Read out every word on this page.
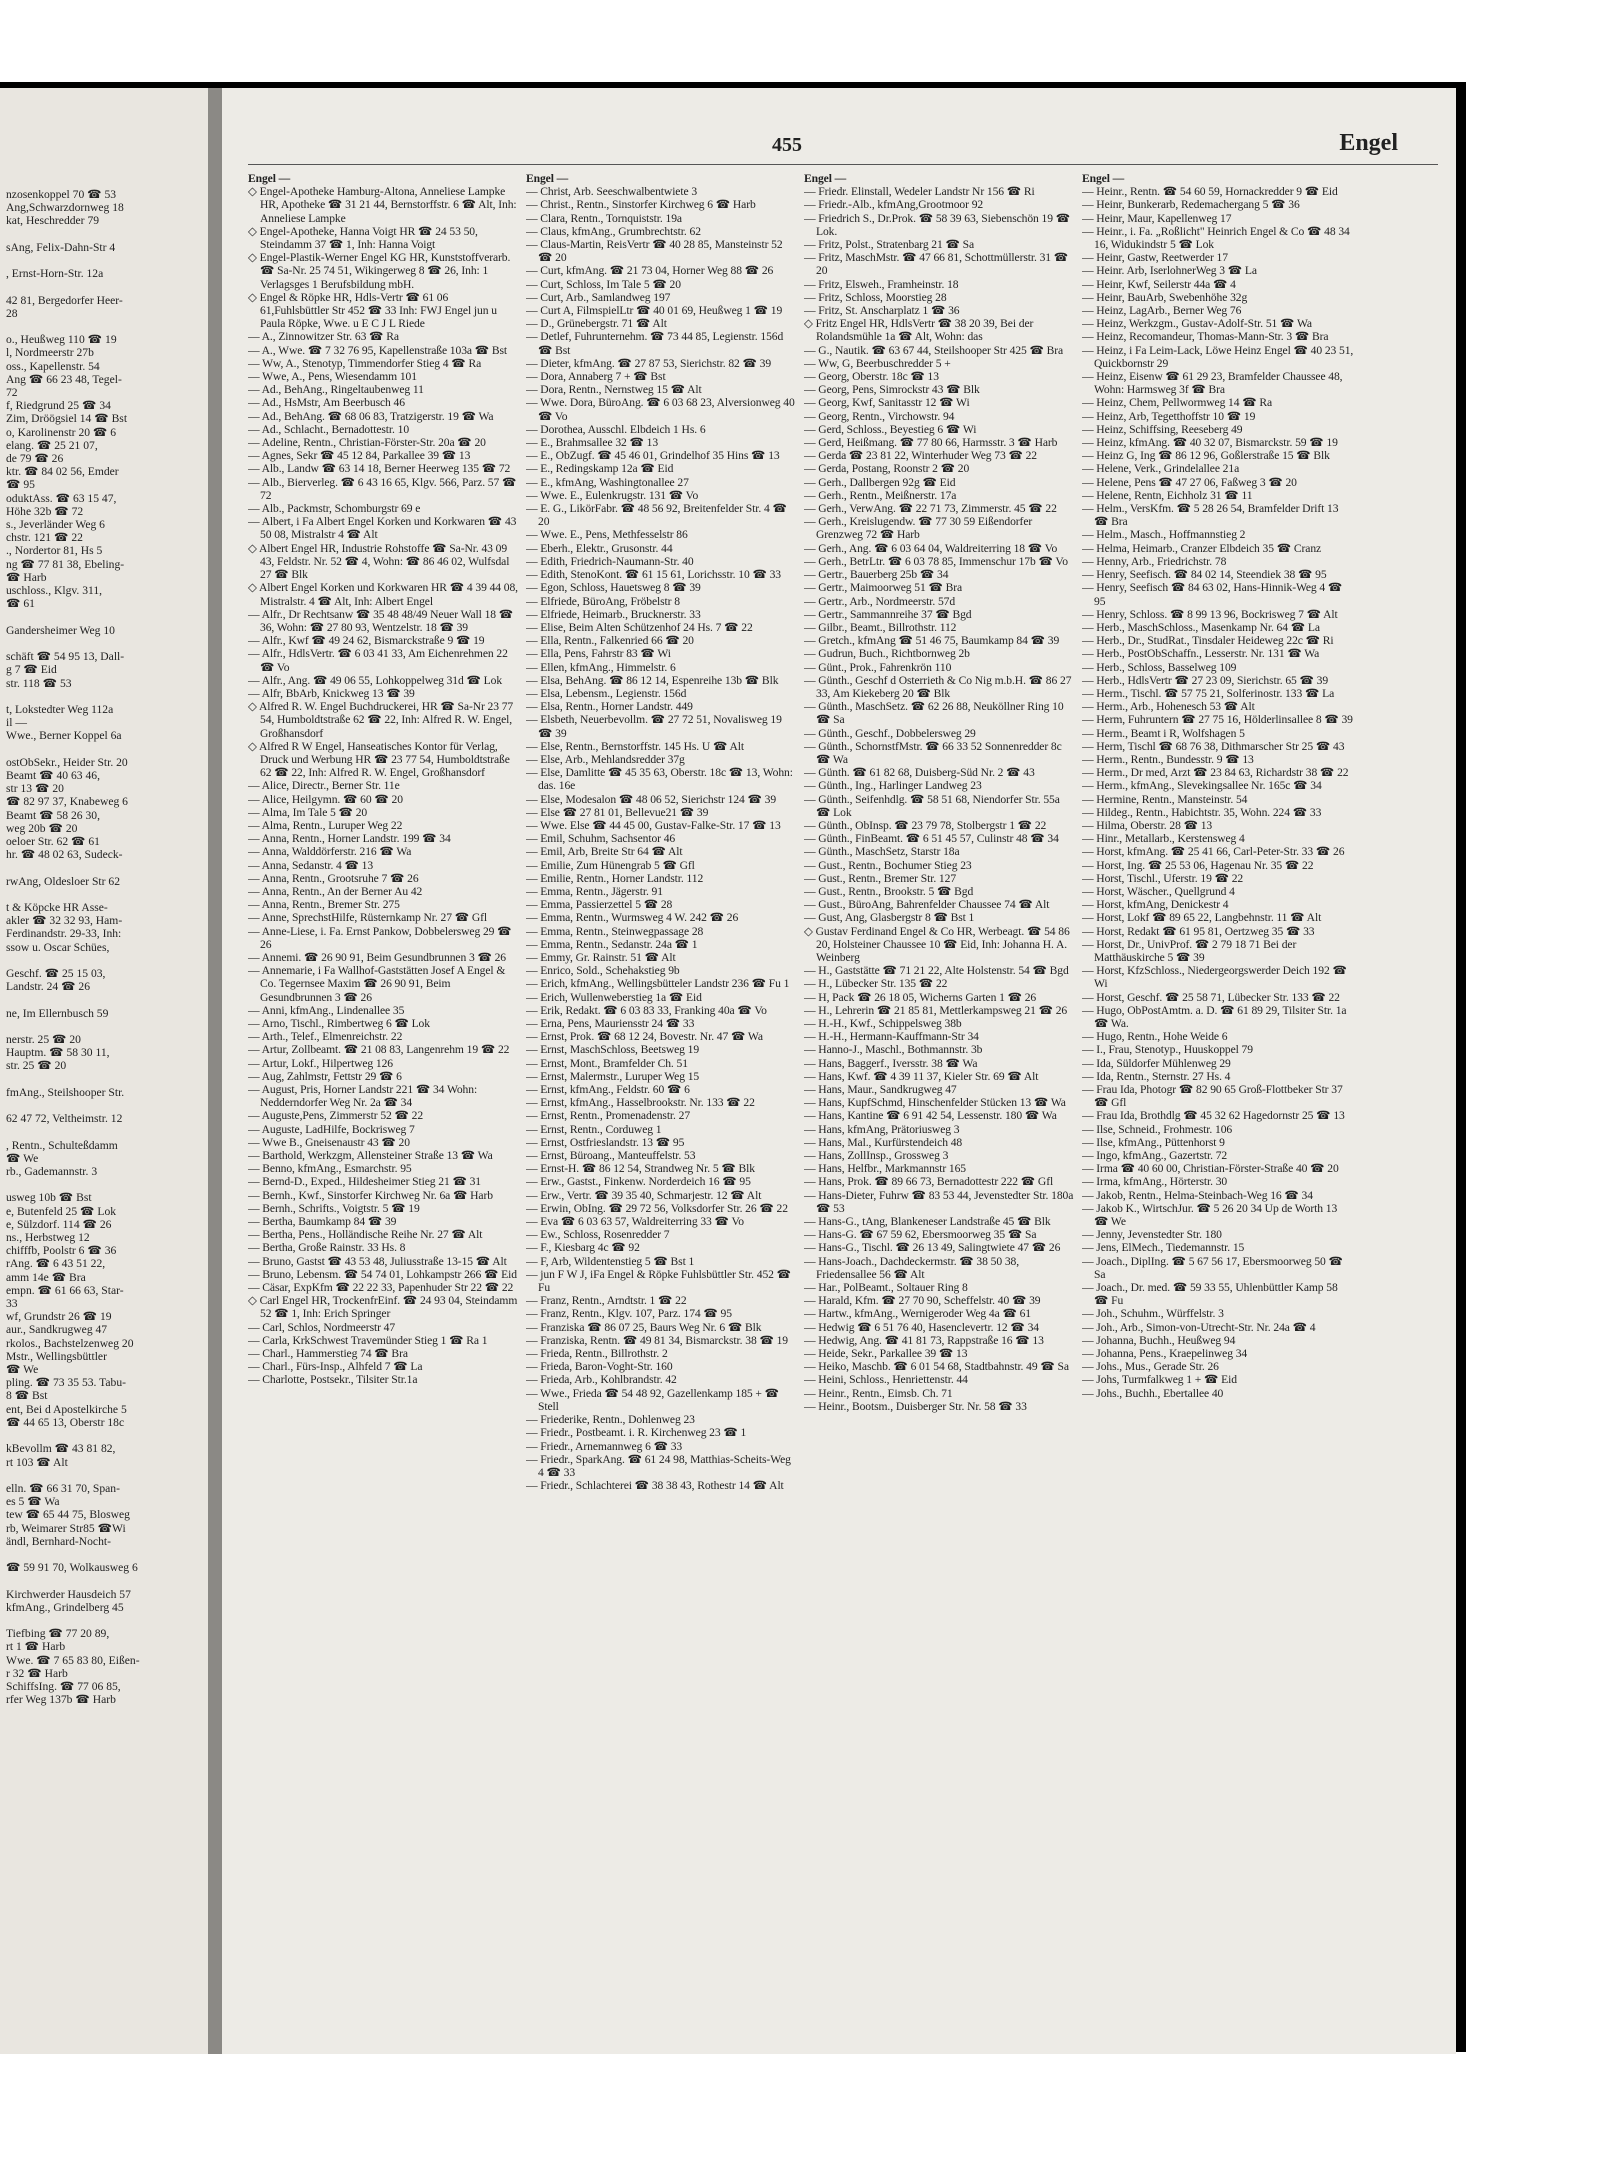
nzosenkoppel 70 ☎ 53
Ang,Schwarzdornweg 18
kat, Heschredder 79

sAng, Felix-Dahn-Str 4

, Ernst-Horn-Str. 12a

42 81, Bergedorfer Heer-
28

o., Heußweg 110 ☎ 19
l, Nordmeerstr 27b
oss., Kapellenstr. 54
Ang ☎ 66 23 48, Tegel-
72
f, Riedgrund 25 ☎ 34
Zim, Dröögsiel 14 ☎ Bst
o, Karolinenstr 20 ☎ 6
elang. ☎ 25 21 07,
de 79 ☎ 26
ktr. ☎ 84 02 56, Emder
☎ 95
oduktAss. ☎ 63 15 47,
Höhe 32b ☎ 72
s., Jeverländer Weg 6
chstr. 121 ☎ 22
., Nordertor 81, Hs 5
ng ☎ 77 81 38, Ebeling-
☎ Harb
uschloss., Klgv. 311,
☎ 61

Gandersheimer Weg 10

schäft ☎ 54 95 13, Dall-
g 7 ☎ Eid
str. 118 ☎ 53

t, Lokstedter Weg 112a
il —
Wwe., Berner Koppel 6a

ostObSekr., Heider Str. 20
Beamt ☎ 40 63 46,
str 13 ☎ 20
☎ 82 97 37, Knabeweg 6
Beamt ☎ 58 26 30,
weg 20b ☎ 20
oeloer Str. 62 ☎ 61
hr. ☎ 48 02 63, Sudeck-

rwAng, Oldesloer Str 62

t & Köpcke HR Asse-
akler ☎ 32 32 93, Ham-
Ferdinandstr. 29-33, Inh:
ssow u. Oscar Schües,

Geschf. ☎ 25 15 03,
Landstr. 24 ☎ 26

ne, Im Ellernbusch 59

nerstr. 25 ☎ 20
Hauptm. ☎ 58 30 11,
str. 25 ☎ 20

fmAng., Steilshooper Str.

62 47 72, Veltheimstr. 12

, Rentn., Schulteßdamm
☎ We
rb., Gademannstr. 3

usweg 10b ☎ Bst
e, Butenfeld 25 ☎ Lok
e, Sülzdorf. 114 ☎ 26
ns., Herbstweg 12
chifffb, Poolstr 6 ☎ 36
rAng. ☎ 6 43 51 22,
amm 14e ☎ Bra
empn. ☎ 61 66 63, Star-
33
wf, Grundstr 26 ☎ 19
aur., Sandkrugweg 47
rkolos., Bachstelzenweg 20
Mstr., Wellingsbüttler
☎ We
pling. ☎ 73 35 53. Tabu-
8 ☎ Bst
ent, Bei d Apostelkirche 5
☎ 44 65 13, Oberstr 18c

kBevollm ☎ 43 81 82,
rt 103 ☎ Alt

elln. ☎ 66 31 70, Span-
es 5 ☎ Wa
tew ☎ 65 44 75, Blosweg
rb, Weimarer Str85 ☎Wi
ändl, Bernhard-Nocht-

☎ 59 91 70, Wolkausweg 6

Kirchwerder Hausdeich 57
kfmAng., Grindelberg 45

Tiefbing ☎ 77 20 89,
rt 1 ☎ Harb
Wwe. ☎ 7 65 83 80, Eißen-
r 32 ☎ Harb
SchiffsIng. ☎ 77 06 85,
rfer Weg 137b ☎ Harb
455	Engel
Engel —

◇ Engel-Apotheke Hamburg-Altona, Anneliese Lampke HR, Apotheke ☎ 31 21 44, Bernstorffstr. 6 ☎ Alt, Inh: Anneliese Lampke

◇ Engel-Apotheke, Hanna Voigt HR ☎ 24 53 50, Steindamm 37 ☎ 1, Inh: Hanna Voigt

◇ Engel-Plastik-Werner Engel KG HR, Kunststoffverarb. ☎ Sa-Nr. 25 74 51, Wikingerweg 8 ☎ 26, Inh: 1 Verlagsges 1 Berufsbildung mbH.

◇ Engel & Röpke HR, Hdls-Vertr ☎ 61 06 61,Fuhlsbüttler Str 452 ☎ 33 Inh: FWJ Engel jun u Paula Röpke, Wwe. u E C J L Riede

— A., Zinnowitzer Str. 63 ☎ Ra

— A., Wwe. ☎ 7 32 76 95, Kapellenstraße 103a ☎ Bst

— Ww, A., Stenotyp, Timmendorfer Stieg 4 ☎ Ra

— Wwe, A., Pens, Wiesendamm 101

— Ad., BehAng., Ringeltaubenweg 11

— Ad., HsMstr, Am Beerbusch 46

— Ad., BehAng. ☎ 68 06 83, Tratzigerstr. 19 ☎ Wa

— Ad., Schlacht., Bernadottestr. 10

— Adeline, Rentn., Christian-Förster-Str. 20a ☎ 20

— Agnes, Sekr ☎ 45 12 84, Parkallee 39 ☎ 13

— Alb., Landw ☎ 63 14 18, Berner Heerweg 135 ☎ 72

— Alb., Bierverleg. ☎ 6 43 16 65, Klgv. 566, Parz. 57 ☎ 72

— Alb., Packmstr, Schomburgstr 69 e

— Albert, i Fa Albert Engel Korken und Korkwaren ☎ 43 50 08, Mistralstr 4 ☎ Alt

◇ Albert Engel HR, Industrie Rohstoffe ☎ Sa-Nr. 43 09 43, Feldstr. Nr. 52 ☎ 4, Wohn: ☎ 86 46 02, Wulfsdal 27 ☎ Blk

◇ Albert Engel Korken und Korkwaren HR ☎ 4 39 44 08, Mistralstr. 4 ☎ Alt, Inh: Albert Engel

— Alfr., Dr Rechtsanw ☎ 35 48 48/49 Neuer Wall 18 ☎ 36, Wohn: ☎ 27 80 93, Wentzelstr. 18 ☎ 39

— Alfr., Kwf ☎ 49 24 62, Bismarckstraße 9 ☎ 19

— Alfr., HdlsVertr. ☎ 6 03 41 33, Am Eichenrehmen 22 ☎ Vo

— Alfr., Ang. ☎ 49 06 55, Lohkoppelweg 31d ☎ Lok

— Alfr, BbArb, Knickweg 13 ☎ 39

◇ Alfred R. W. Engel Buchdruckerei, HR ☎ Sa-Nr 23 77 54, Humboldtstraße 62 ☎ 22, Inh: Alfred R. W. Engel, Großhansdorf

◇ Alfred R W Engel, Hanseatisches Kontor für Verlag, Druck und Werbung HR ☎ 23 77 54, Humboldtstraße 62 ☎ 22, Inh: Alfred R. W. Engel, Großhansdorf

— Alice, Directr., Berner Str. 11e

— Alice, Heilgymn. ☎ 60 ☎ 20

— Alma, Im Tale 5 ☎ 20

— Alma, Rentn., Luruper Weg 22

— Anna, Rentn., Horner Landstr. 199 ☎ 34

— Anna, Walddörferstr. 216 ☎ Wa

— Anna, Sedanstr. 4 ☎ 13

— Anna, Rentn., Grootsruhe 7 ☎ 26

— Anna, Rentn., An der Berner Au 42

— Anna, Rentn., Bremer Str. 275

— Anne, SprechstHilfe, Rüsternkamp Nr. 27 ☎ Gfl

— Anne-Liese, i. Fa. Ernst Pankow, Dobbelersweg 29 ☎ 26

— Annemi. ☎ 26 90 91, Beim Gesundbrunnen 3 ☎ 26

— Annemarie, i Fa Wallhof-Gaststätten Josef A Engel & Co. Tegernsee Maxim ☎ 26 90 91, Beim Gesundbrunnen 3 ☎ 26

— Anni, kfmAng., Lindenallee 35

— Arno, Tischl., Rimbertweg 6 ☎ Lok

— Arth., Telef., Elmenreichstr. 22

— Artur, Zollbeamt. ☎ 21 08 83, Langenrehm 19 ☎ 22

— Artur, Lokf., Hilpertweg 126

— Aug, Zahlmstr, Fettstr 29 ☎ 6

— August, Pris, Horner Landstr 221 ☎ 34 Wohn: Nedderndorfer Weg Nr. 2a ☎ 34

— Auguste,Pens, Zimmerstr 52 ☎ 22

— Auguste, LadHilfe, Bockrisweg 7

— Wwe B., Gneisenaustr 43 ☎ 20

— Barthold, Werkzgm, Allensteiner Straße 13 ☎ Wa

— Benno, kfmAng., Esmarchstr. 95

— Bernd-D., Exped., Hildesheimer Stieg 21 ☎ 31

— Bernh., Kwf., Sinstorfer Kirchweg Nr. 6a ☎ Harb

— Bernh., Schrifts., Voigtstr. 5 ☎ 19

— Bertha, Baumkamp 84 ☎ 39

— Bertha, Pens., Holländische Reihe Nr. 27 ☎ Alt

— Bertha, Große Rainstr. 33 Hs. 8

— Bruno, Gastst ☎ 43 53 48, Juliusstraße 13-15 ☎ Alt

— Bruno, Lebensm. ☎ 54 74 01, Lohkampstr 266 ☎ Eid

— Cäsar, ExpKfm ☎ 22 22 33, Papenhuder Str 22 ☎ 22

◇ Carl Engel HR, TrockenfrEinf. ☎ 24 93 04, Steindamm 52 ☎ 1, Inh: Erich Springer

— Carl, Schlos, Nordmeerstr 47

— Carla, KrkSchwest Travemünder Stieg 1 ☎ Ra 1

— Charl., Hammerstieg 74 ☎ Bra

— Charl., Fürs-Insp., Alhfeld 7 ☎ La

— Charlotte, Postsekr., Tilsiter Str.1a

Engel —

— Christ, Arb. Seeschwalbentwiete 3

— Christ., Rentn., Sinstorfer Kirchweg 6 ☎ Harb

— Clara, Rentn., Tornquiststr. 19a

— Claus, kfmAng., Grumbrechtstr. 62

— Claus-Martin, ReisVertr ☎ 40 28 85, Mansteinstr 52 ☎ 20

— Curt, kfmAng. ☎ 21 73 04, Horner Weg 88 ☎ 26

— Curt, Schloss, Im Tale 5 ☎ 20

— Curt, Arb., Samlandweg 197

— Curt A, FilmspielLtr ☎ 40 01 69, Heußweg 1 ☎ 19

— D., Grünebergstr. 71 ☎ Alt

— Detlef, Fuhrunternehm. ☎ 73 44 85, Legienstr. 156d ☎ Bst

— Dieter, kfmAng. ☎ 27 87 53, Sierichstr. 82 ☎ 39

— Dora, Annaberg 7 + ☎ Bst

— Dora, Rentn., Nernstweg 15 ☎ Alt

— Wwe. Dora, BüroAng. ☎ 6 03 68 23, Alversionweg 40 ☎ Vo

— Dorothea, Ausschl. Elbdeich 1 Hs. 6

— E., Brahmsallee 32 ☎ 13

— E., ObZugf. ☎ 45 46 01, Grindelhof 35 Hins ☎ 13

— E., Redingskamp 12a ☎ Eid

— E., kfmAng, Washingtonallee 27

— Wwe. E., Eulenkrugstr. 131 ☎ Vo

— E. G., LikörFabr. ☎ 48 56 92, Breitenfelder Str. 4 ☎ 20

— Wwe. E., Pens, Methfesselstr 86

— Eberh., Elektr., Grusonstr. 44

— Edith, Friedrich-Naumann-Str. 40

— Edith, StenoKont. ☎ 61 15 61, Lorichsstr. 10 ☎ 33

— Egon, Schloss, Hauetsweg 8 ☎ 39

— Elfriede, BüroAng, Fröbelstr 8

— Elfriede, Heimarb., Brucknerstr. 33

— Elise, Beim Alten Schützenhof 24 Hs. 7 ☎ 22

— Ella, Rentn., Falkenried 66 ☎ 20

— Ella, Pens, Fahrstr 83 ☎ Wi

— Ellen, kfmAng., Himmelstr. 6

— Elsa, BehAng. ☎ 86 12 14, Espenreihe 13b ☎ Blk

— Elsa, Lebensm., Legienstr. 156d

— Elsa, Rentn., Horner Landstr. 449

— Elsbeth, Neuerbevollm. ☎ 27 72 51, Novalisweg 19 ☎ 39

— Else, Rentn., Bernstorffstr. 145 Hs. U ☎ Alt

— Else, Arb., Mehlandsredder 37g

— Else, Damlitte ☎ 45 35 63, Oberstr. 18c ☎ 13, Wohn: das. 16e

— Else, Modesalon ☎ 48 06 52, Sierichstr 124 ☎ 39

— Else ☎ 27 81 01, Bellevue21 ☎ 39

— Wwe. Else ☎ 44 45 00, Gustav-Falke-Str. 17 ☎ 13

— Emil, Schuhm, Sachsentor 46

— Emil, Arb, Breite Str 64 ☎ Alt

— Emilie, Zum Hünengrab 5 ☎ Gfl

— Emilie, Rentn., Horner Landstr. 112

— Emma, Rentn., Jägerstr. 91

— Emma, Passierzettel 5 ☎ 28

— Emma, Rentn., Wurmsweg 4 W. 242 ☎ 26

— Emma, Rentn., Steinwegpassage 28

— Emma, Rentn., Sedanstr. 24a ☎ 1

— Emmy, Gr. Rainstr. 51 ☎ Alt

— Enrico, Sold., Schehakstieg 9b

— Erich, kfmAng., Wellingsbütteler Landstr 236 ☎ Fu 1

— Erich, Wullenweberstieg 1a ☎ Eid

— Erik, Redakt. ☎ 6 03 83 33, Franking 40a ☎ Vo

— Erna, Pens, Mauriensstr 24 ☎ 33

— Ernst, Prok. ☎ 68 12 24, Bovestr. Nr. 47 ☎ Wa

— Ernst, MaschSchloss, Beetsweg 19

— Ernst, Mont., Bramfelder Ch. 51

— Ernst, Malermstr., Luruper Weg 15

— Ernst, kfmAng., Feldstr. 60 ☎ 6

— Ernst, kfmAng., Hasselbrookstr. Nr. 133 ☎ 22

— Ernst, Rentn., Promenadenstr. 27

— Ernst, Rentn., Corduweg 1

— Ernst, Ostfrieslandstr. 13 ☎ 95

— Ernst, Büroang., Manteuffelstr. 53

— Ernst-H. ☎ 86 12 54, Strandweg Nr. 5 ☎ Blk

— Erw., Gastst., Finkenw. Norderdeich 16 ☎ 95

— Erw., Vertr. ☎ 39 35 40, Schmarjestr. 12 ☎ Alt

— Erwin, ObIng. ☎ 29 72 56, Volksdorfer Str. 26 ☎ 22

— Eva ☎ 6 03 63 57, Waldreiterring 33 ☎ Vo

— Ew., Schloss, Rosenredder 7

— F., Kiesbarg 4c ☎ 92

— F, Arb, Wildentenstieg 5 ☎ Bst 1

— jun F W J, iFa Engel & Röpke Fuhlsbüttler Str. 452 ☎ Fu

— Franz, Rentn., Arndtstr. 1 ☎ 22

— Franz, Rentn., Klgv. 107, Parz. 174 ☎ 95

— Franziska ☎ 86 07 25, Baurs Weg Nr. 6 ☎ Blk

— Franziska, Rentn. ☎ 49 81 34, Bismarckstr. 38 ☎ 19

— Frieda, Rentn., Billrothstr. 2

— Frieda, Baron-Voght-Str. 160

— Frieda, Arb., Kohlbrandstr. 42

— Wwe., Frieda ☎ 54 48 92, Gazellenkamp 185 + ☎ Stell

— Friederike, Rentn., Dohlenweg 23

— Friedr., Postbeamt. i. R. Kirchenweg 23 ☎ 1

— Friedr., Arnemannweg 6 ☎ 33

— Friedr., SparkAng. ☎ 61 24 98, Matthias-Scheits-Weg 4 ☎ 33

— Friedr., Schlachterei ☎ 38 38 43, Rothestr 14 ☎ Alt

Engel —

— Friedr. Elinstall, Wedeler Landstr Nr 156 ☎ Ri

— Friedr.-Alb., kfmAng,Grootmoor 92

— Friedrich S., Dr.Prok. ☎ 58 39 63, Siebenschön 19 ☎ Lok.

— Fritz, Polst., Stratenbarg 21 ☎ Sa

— Fritz, MaschMstr. ☎ 47 66 81, Schottmüllerstr. 31 ☎ 20

— Fritz, Elsweh., Framheinstr. 18

— Fritz, Schloss, Moorstieg 28

— Fritz, St. Anscharplatz 1 ☎ 36

◇ Fritz Engel HR, HdlsVertr ☎ 38 20 39, Bei der Rolandsmühle 1a ☎ Alt, Wohn: das

— G., Nautik. ☎ 63 67 44, Steilshooper Str 425 ☎ Bra

— Ww, G, Beerbuschredder 5 +

— Georg, Oberstr. 18c ☎ 13

— Georg, Pens, Simrockstr 43 ☎ Blk

— Georg, Kwf, Sanitasstr 12 ☎ Wi

— Georg, Rentn., Virchowstr. 94

— Gerd, Schloss., Beyestieg 6 ☎ Wi

— Gerd, Heißmang. ☎ 77 80 66, Harmsstr. 3 ☎ Harb

— Gerda ☎ 23 81 22, Winterhuder Weg 73 ☎ 22

— Gerda, Postang, Roonstr 2 ☎ 20

— Gerh., Dallbergen 92g ☎ Eid

— Gerh., Rentn., Meißnerstr. 17a

— Gerh., VerwAng. ☎ 22 71 73, Zimmerstr. 45 ☎ 22

— Gerh., Kreislugendw. ☎ 77 30 59 Eißendorfer Grenzweg 72 ☎ Harb

— Gerh., Ang. ☎ 6 03 64 04, Waldreiterring 18 ☎ Vo

— Gerh., BetrLtr. ☎ 6 03 78 85, Immenschur 17b ☎ Vo

— Gertr., Bauerberg 25b ☎ 34

— Gertr., Maimoorweg 51 ☎ Bra

— Gertr., Arb., Nordmeerstr. 57d

— Gertr., Sammannreihe 37 ☎ Bgd

— Gilbr., Beamt., Billrothstr. 112

— Gretch., kfmAng ☎ 51 46 75, Baumkamp 84 ☎ 39

— Gudrun, Buch., Richtbornweg 2b

— Günt., Prok., Fahrenkrön 110

— Günth., Geschf d Osterrieth & Co Nig m.b.H. ☎ 86 27 33, Am Kiekeberg 20 ☎ Blk

— Günth., MaschSetz. ☎ 62 26 88, Neuköllner Ring 10 ☎ Sa

— Günth., Geschf., Dobbelersweg 29

— Günth., SchornstfMstr. ☎ 66 33 52 Sonnenredder 8c ☎ Wa

— Günth. ☎ 61 82 68, Duisberg-Süd Nr. 2 ☎ 43

— Günth., Ing., Harlinger Landweg 23

— Günth., Seifenhdlg. ☎ 58 51 68, Niendorfer Str. 55a ☎ Lok

— Günth., ObInsp. ☎ 23 79 78, Stolbergstr 1 ☎ 22

— Günth., FinBeamt. ☎ 6 51 45 57, Culinstr 48 ☎ 34

— Günth., MaschSetz, Starstr 18a

— Gust., Rentn., Bochumer Stieg 23

— Gust., Rentn., Bremer Str. 127

— Gust., Rentn., Brookstr. 5 ☎ Bgd

— Gust., BüroAng, Bahrenfelder Chaussee 74 ☎ Alt

— Gust, Ang, Glasbergstr 8 ☎ Bst 1

◇ Gustav Ferdinand Engel & Co HR, Werbeagt. ☎ 54 86 20, Holsteiner Chaussee 10 ☎ Eid, Inh: Johanna H. A. Weinberg

— H., Gaststätte ☎ 71 21 22, Alte Holstenstr. 54 ☎ Bgd

— H., Lübecker Str. 135 ☎ 22

— H, Pack ☎ 26 18 05, Wicherns Garten 1 ☎ 26

— H., Lehrerin ☎ 21 85 81, Mettlerkampsweg 21 ☎ 26

— H.-H., Kwf., Schippelsweg 38b

— H.-H., Hermann-Kauffmann-Str 34

— Hanno-J., Maschl., Bothmannstr. 3b

— Hans, Baggerf., Iversstr. 38 ☎ Wa

— Hans, Kwf. ☎ 4 39 11 37, Kieler Str. 69 ☎ Alt

— Hans, Maur., Sandkrugweg 47

— Hans, KupfSchmd, Hinschenfelder Stücken 13 ☎ Wa

— Hans, Kantine ☎ 6 91 42 54, Lessenstr. 180 ☎ Wa

— Hans, kfmAng, Prätoriusweg 3

— Hans, Mal., Kurfürstendeich 48

— Hans, ZollInsp., Grossweg 3

— Hans, Helfbr., Markmannstr 165

— Hans, Prok. ☎ 89 66 73, Bernadottestr 222 ☎ Gfl

— Hans-Dieter, Fuhrw ☎ 83 53 44, Jevenstedter Str. 180a ☎ 53

— Hans-G., tAng, Blankeneser Landstraße 45 ☎ Blk

— Hans-G. ☎ 67 59 62, Ebersmoorweg 35 ☎ Sa

— Hans-G., Tischl. ☎ 26 13 49, Salingtwiete 47 ☎ 26

— Hans-Joach., Dachdeckermstr. ☎ 38 50 38, Friedensallee 56 ☎ Alt

— Har., PolBeamt., Soltauer Ring 8

— Harald, Kfm. ☎ 27 70 90, Scheffelstr. 40 ☎ 39

— Hartw., kfmAng., Wernigeroder Weg 4a ☎ 61

— Hedwig ☎ 6 51 76 40, Hasenclevertr. 12 ☎ 34

— Hedwig, Ang. ☎ 41 81 73, Rappstraße 16 ☎ 13

— Heide, Sekr., Parkallee 39 ☎ 13

— Heiko, Maschb. ☎ 6 01 54 68, Stadtbahnstr. 49 ☎ Sa

— Heini, Schloss., Henriettenstr. 44

— Heinr., Rentn., Eimsb. Ch. 71

— Heinr., Bootsm., Duisberger Str. Nr. 58 ☎ 33

Engel —

— Heinr., Rentn. ☎ 54 60 59, Hornackredder 9 ☎ Eid

— Heinr, Bunkerarb, Redemachergang 5 ☎ 36

— Heinr, Maur, Kapellenweg 17

— Heinr., i. Fa. „Roßlicht" Heinrich Engel & Co ☎ 48 34 16, Widukindstr 5 ☎ Lok

— Heinr, Gastw, Reetwerder 17

— Heinr. Arb, IserlohnerWeg 3 ☎ La

— Heinr, Kwf, Seilerstr 44a ☎ 4

— Heinr, BauArb, Swebenhöhe 32g

— Heinz, LagArb., Berner Weg 76

— Heinz, Werkzgm., Gustav-Adolf-Str. 51 ☎ Wa

— Heinz, Recomandeur, Thomas-Mann-Str. 3 ☎ Bra

— Heinz, i Fa Leim-Lack, Löwe Heinz Engel ☎ 40 23 51, Quickbornstr 29

— Heinz, Eisenw ☎ 61 29 23, Bramfelder Chaussee 48, Wohn: Harmsweg 3f ☎ Bra

— Heinz, Chem, Pellwormweg 14 ☎ Ra

— Heinz, Arb, Tegetthoffstr 10 ☎ 19

— Heinz, Schiffsing, Reeseberg 49

— Heinz, kfmAng. ☎ 40 32 07, Bismarckstr. 59 ☎ 19

— Heinz G, Ing ☎ 86 12 96, Goßlerstraße 15 ☎ Blk

— Helene, Verk., Grindelallee 21a

— Helene, Pens ☎ 47 27 06, Faßweg 3 ☎ 20

— Helene, Rentn, Eichholz 31 ☎ 11

— Helm., VersKfm. ☎ 5 28 26 54, Bramfelder Drift 13 ☎ Bra

— Helm., Masch., Hoffmannstieg 2

— Helma, Heimarb., Cranzer Elbdeich 35 ☎ Cranz

— Henny, Arb., Friedrichstr. 78

— Henry, Seefisch. ☎ 84 02 14, Steendiek 38 ☎ 95

— Henry, Seefisch ☎ 84 63 02, Hans-Hinnik-Weg 4 ☎ 95

— Henry, Schloss. ☎ 8 99 13 96, Bockrisweg 7 ☎ Alt

— Herb., MaschSchloss., Masenkamp Nr. 64 ☎ La

— Herb., Dr., StudRat., Tinsdaler Heideweg 22c ☎ Ri

— Herb., PostObSchaffn., Lesserstr. Nr. 131 ☎ Wa

— Herb., Schloss, Basselweg 109

— Herb., HdlsVertr ☎ 27 23 09, Sierichstr. 65 ☎ 39

— Herm., Tischl. ☎ 57 75 21, Solferinostr. 133 ☎ La

— Herm., Arb., Hohenesch 53 ☎ Alt

— Herm, Fuhruntern ☎ 27 75 16, Hölderlinsallee 8 ☎ 39

— Herm., Beamt i R, Wolfshagen 5

— Herm, Tischl ☎ 68 76 38, Dithmarscher Str 25 ☎ 43

— Herm., Rentn., Bundesstr. 9 ☎ 13

— Herm., Dr med, Arzt ☎ 23 84 63, Richardstr 38 ☎ 22

— Herm., kfmAng., Slevekingsallee Nr. 165c ☎ 34

— Hermine, Rentn., Mansteinstr. 54

— Hildeg., Rentn., Habichtstr. 35, Wohn. 224 ☎ 33

— Hilma, Oberstr. 28 ☎ 13

— Hinr., Metallarb., Kerstensweg 4

— Horst, kfmAng. ☎ 25 41 66, Carl-Peter-Str. 33 ☎ 26

— Horst, Ing. ☎ 25 53 06, Hagenau Nr. 35 ☎ 22

— Horst, Tischl., Uferstr. 19 ☎ 22

— Horst, Wäscher., Quellgrund 4

— Horst, kfmAng, Denickestr 4

— Horst, Lokf ☎ 89 65 22, Langbehnstr. 11 ☎ Alt

— Horst, Redakt ☎ 61 95 81, Oertzweg 35 ☎ 33

— Horst, Dr., UnivProf. ☎ 2 79 18 71 Bei der Matthäuskirche 5 ☎ 39

— Horst, KfzSchloss., Niedergeorgswerder Deich 192 ☎ Wi

— Horst, Geschf. ☎ 25 58 71, Lübecker Str. 133 ☎ 22

— Hugo, ObPostAmtm. a. D. ☎ 61 89 29, Tilsiter Str. 1a ☎ Wa.

— Hugo, Rentn., Hohe Weide 6

— I., Frau, Stenotyp., Huuskoppel 79

— Ida, Süldorfer Mühlenweg 29

— Ida, Rentn., Sternstr. 27 Hs. 4

— Frau Ida, Photogr ☎ 82 90 65 Groß-Flottbeker Str 37 ☎ Gfl

— Frau Ida, Brothdlg ☎ 45 32 62 Hagedornstr 25 ☎ 13

— Ilse, Schneid., Frohmestr. 106

— Ilse, kfmAng., Püttenhorst 9

— Ingo, kfmAng., Gazertstr. 72

— Irma ☎ 40 60 00, Christian-Förster-Straße 40 ☎ 20

— Irma, kfmAng., Hörterstr. 30

— Jakob, Rentn., Helma-Steinbach-Weg 16 ☎ 34

— Jakob K., WirtschJur. ☎ 5 26 20 34 Up de Worth 13 ☎ We

— Jenny, Jevenstedter Str. 180

— Jens, ElMech., Tiedemannstr. 15

— Joach., DiplIng. ☎ 5 67 56 17, Ebersmoorweg 50 ☎ Sa

— Joach., Dr. med. ☎ 59 33 55, Uhlenbüttler Kamp 58 ☎ Fu

— Joh., Schuhm., Würffelstr. 3

— Joh., Arb., Simon-von-Utrecht-Str. Nr. 24a ☎ 4

— Johanna, Buchh., Heußweg 94

— Johanna, Pens., Kraepelinweg 34

— Johs., Mus., Gerade Str. 26

— Johs, Turmfalkweg 1 + ☎ Eid

— Johs., Buchh., Ebertallee 40
